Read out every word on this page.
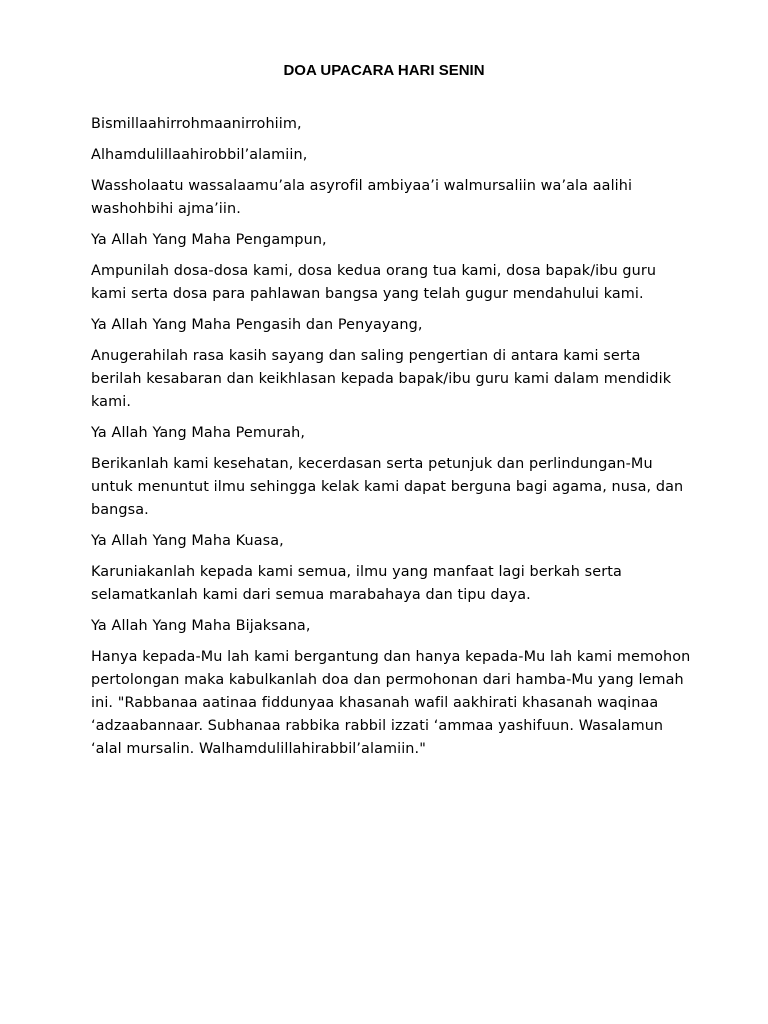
DOA UPACARA HARI SENIN

Bismillaahirrohmaanirrohiim,

Alhamdulillaahirobbil’alamiin,

Wassholaatu wassalaamu’ala asyrofil ambiyaa’i walmursaliin wa’ala aalihi washohbihi ajma’iin.

Ya Allah Yang Maha Pengampun,

Ampunilah dosa-dosa kami, dosa kedua orang tua kami, dosa bapak/ibu guru kami serta dosa para pahlawan bangsa yang telah gugur mendahului kami.

Ya Allah Yang Maha Pengasih dan Penyayang,

Anugerahilah rasa kasih sayang dan saling pengertian di antara kami serta berilah kesabaran dan keikhlasan kepada bapak/ibu guru kami dalam mendidik kami.

Ya Allah Yang Maha Pemurah,

Berikanlah kami kesehatan, kecerdasan serta petunjuk dan perlindungan-Mu untuk menuntut ilmu sehingga kelak kami dapat berguna bagi agama, nusa, dan bangsa.

Ya Allah Yang Maha Kuasa,

Karuniakanlah kepada kami semua, ilmu yang manfaat lagi berkah serta selamatkanlah kami dari semua marabahaya dan tipu daya.

Ya Allah Yang Maha Bijaksana,

Hanya kepada-Mu lah kami bergantung dan hanya kepada-Mu lah kami memohon pertolongan maka kabulkanlah doa dan permohonan dari hamba-Mu yang lemah ini. "Rabbanaa aatinaa fiddunyaa khasanah wafil aakhirati khasanah waqinaa ‘adzaabannaar. Subhanaa rabbika rabbil izzati ‘ammaa yashifuun. Wasalamun ‘alal mursalin. Walhamdulillahirabbil’alamiin."
